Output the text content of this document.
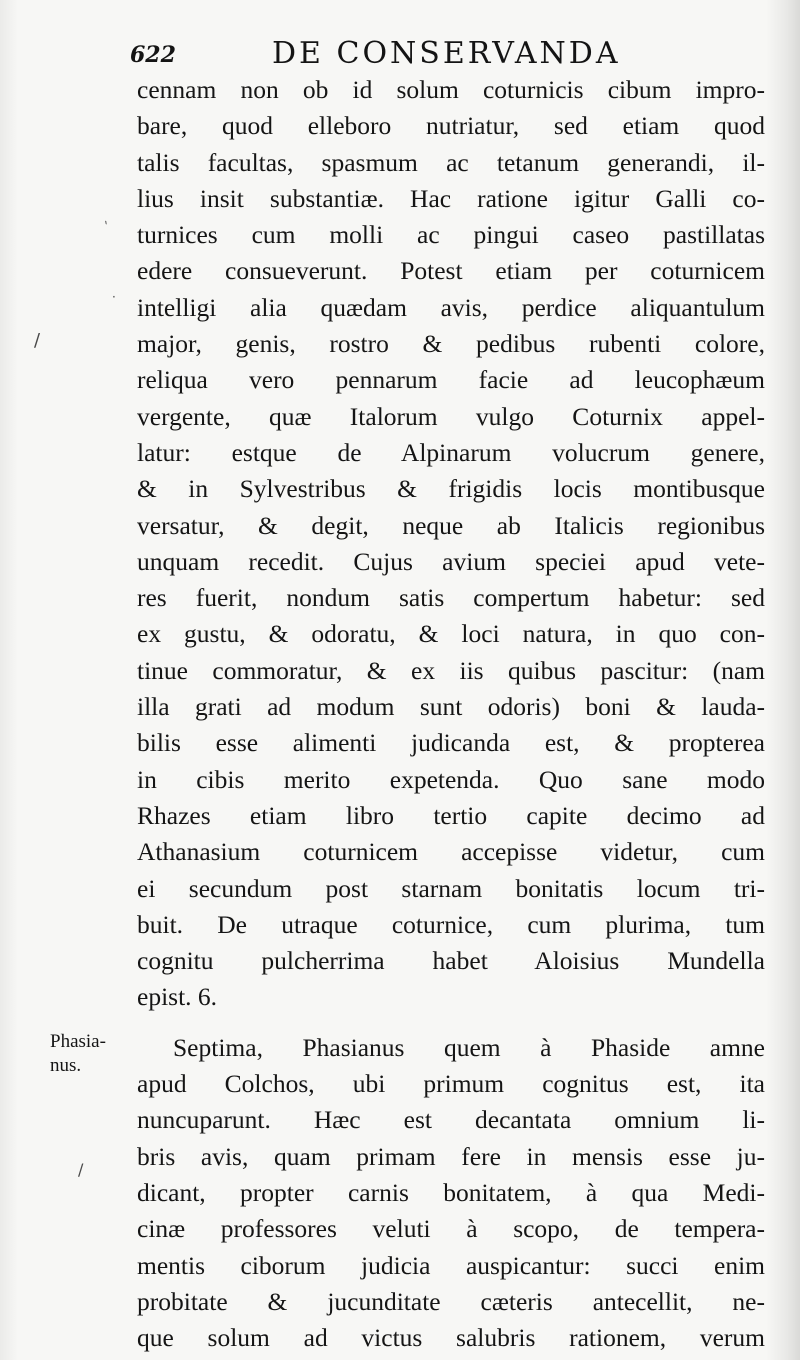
622	DE CONSERVANDA
cennam non ob id solum coturnicis cibum impro-
bare, quod elleboro nutriatur, sed etiam quod
talis facultas, spasmum ac tetanum generandi, il-
lius insit substantiæ. Hac ratione igitur Galli co-
turnices cum molli ac pingui caseo pastillatas
edere consueverunt. Potest etiam per coturnicem
intelligi alia quædam avis, perdice aliquantulum
major, genis, rostro & pedibus rubenti colore,
reliqua vero pennarum facie ad leucophæum
vergente, quæ Italorum vulgo Coturnix appel-
latur: estque de Alpinarum volucrum genere,
& in Sylvestribus & frigidis locis montibusque
versatur, & degit, neque ab Italicis regionibus
unquam recedit. Cujus avium speciei apud vete-
res fuerit, nondum satis compertum habetur: sed
ex gustu, & odoratu, & loci natura, in quo con-
tinue commoratur, & ex iis quibus pascitur: (nam
illa grati ad modum sunt odoris) boni & lauda-
bilis esse alimenti judicanda est, & propterea
in cibis merito expetenda. Quo sane modo
Rhazes etiam libro tertio capite decimo ad
Athanasium coturnicem accepisse videtur, cum
ei secundum post starnam bonitatis locum tri-
buit. De utraque coturnice, cum plurima, tum
cognitu pulcherrima habet Aloisius Mundella
epist. 6.
Septima, Phasianus quem à Phaside amne
apud Colchos, ubi primum cognitus est, ita
nuncuparunt. Hæc est decantata omnium li-
bris avis, quam primam fere in mensis esse ju-
dicant, propter carnis bonitatem, à qua Medi-
cinæ professores veluti à scopo, de tempera-
mentis ciborum judicia auspicantur: succi enim
probitate & jucunditate cæteris antecellit, ne-
que solum ad victus salubris rationem, verum
Phasia-
nus.
`
/
/
·
